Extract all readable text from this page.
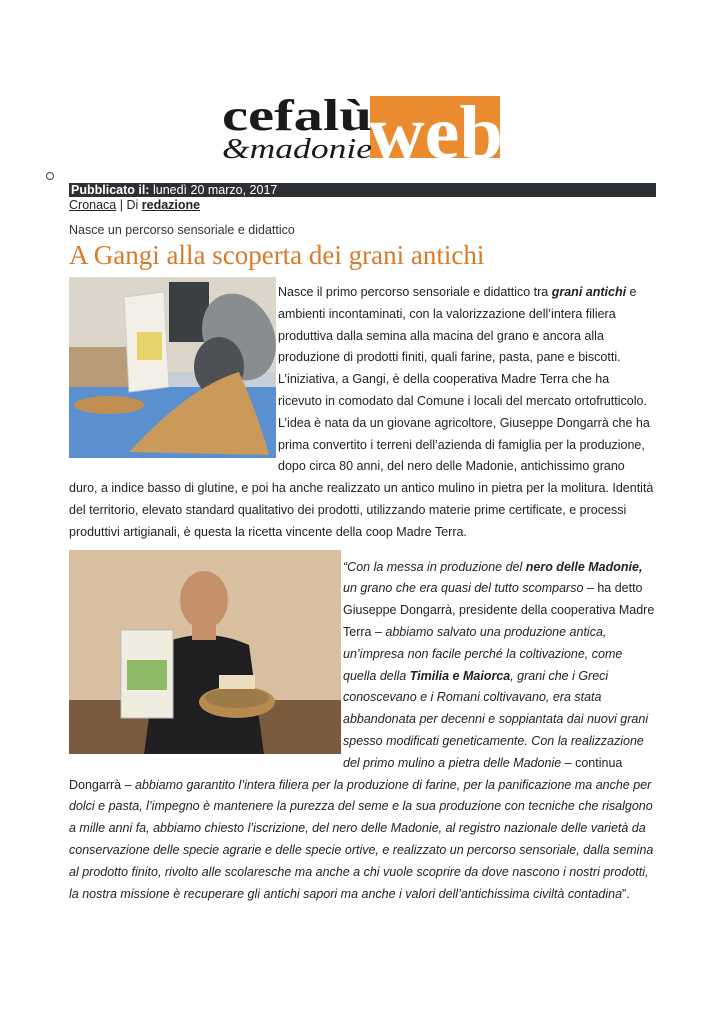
web
cefalù
&madonie
Pubblicato il: lunedì 20 marzo, 2017
Cronaca | Di redazione
Nasce un percorso sensoriale e didattico
A Gangi alla scoperta dei grani antichi

Nasce il primo percorso sensoriale e didattico tra grani antichi e ambienti incontaminati, con la valorizzazione dell’intera filiera produttiva dalla semina alla macina del grano e ancora alla produzione di prodotti finiti, quali farine, pasta, pane e biscotti. L’iniziativa, a Gangi, è della cooperativa Madre Terra che ha ricevuto in comodato dal Comune i locali del mercato ortofrutticolo. L’idea è nata da un giovane agricoltore, Giuseppe Dongarrà che ha prima convertito i terreni dell’azienda di famiglia per la produzione, dopo circa 80 anni, del nero delle Madonie, antichissimo grano duro, a indice basso di glutine, e poi ha anche realizzato un antico mulino in pietra per la molitura. Identità del territorio, elevato standard qualitativo dei prodotti, utilizzando materie prime certificate, e processi produttivi artigianali, è questa la ricetta vincente della coop Madre Terra.

“Con la messa in produzione del nero delle Madonie, un grano che era quasi del tutto scomparso – ha detto Giuseppe Dongarrà, presidente della cooperativa Madre Terra – abbiamo salvato una produzione antica, un’impresa non facile perché la coltivazione, come quella della Timilia e Maiorca, grani che i Greci conoscevano e i Romani coltivavano, era stata abbandonata per decenni e soppiantata dai nuovi grani spesso modificati geneticamente. Con la realizzazione del primo mulino a pietra delle Madonie – continua Dongarrà – abbiamo garantito l’intera filiera per la produzione di farine, per la panificazione ma anche per dolci e pasta, l’impegno è mantenere la purezza del seme e la sua produzione con tecniche che risalgono a mille anni fa, abbiamo chiesto l’iscrizione, del nero delle Madonie, al registro nazionale delle varietà da conservazione delle specie agrarie e delle specie ortive, e realizzato un percorso sensoriale, dalla semina al prodotto finito, rivolto alle scolaresche ma anche a chi vuole scoprire da dove nascono i nostri prodotti, la nostra missione è recuperare gli antichi sapori ma anche i valori dell’antichissima civiltà contadina”.
